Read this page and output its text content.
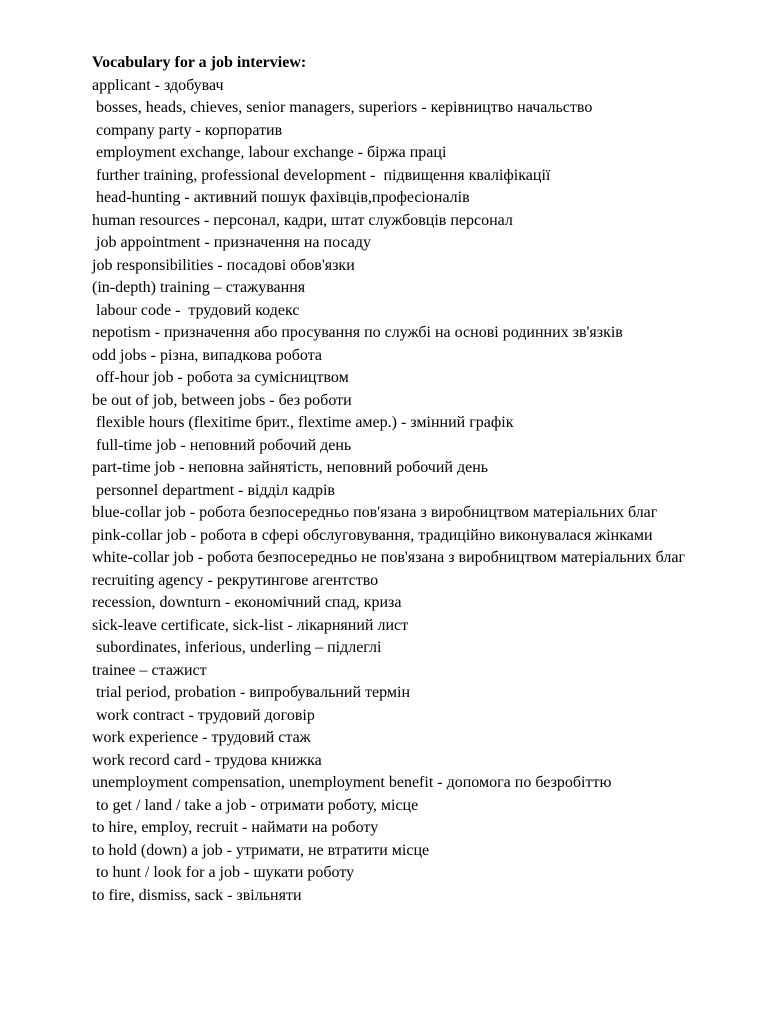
Vocabulary for a job interview:

applicant - здобувач

bosses, heads, chieves, senior managers, superiors - керівництво начальство

company party - корпоратив

employment exchange, labour exchange - біржа праці

further training, professional development -  підвищення кваліфікації

head-hunting - активний пошук фахівців,професіоналів

human resources - персонал, кадри, штат службовців персонал

job appointment - призначення на посаду

job responsibilities - посадові обов'язки

(in-depth) training – стажування

labour code -  трудовий кодекс

nepotism - призначення або просування по службі на основі родинних зв'язків

odd jobs - різна, випадкова робота

off-hour job - робота за сумісництвом

be out of job, between jobs - без роботи

flexible hours (flexitime брит., flextime амер.) - змінний графік

full-time job - неповний робочий день

part-time job - неповна зайнятість, неповний робочий день

personnel department - відділ кадрів

blue-collar job - робота безпосередньо пов'язана з виробництвом матеріальних благ

pink-collar job - робота в сфері обслуговування, традиційно виконувалася жінками

white-collar job - робота безпосередньо не пов'язана з виробництвом матеріальних благ

recruiting agency - рекрутингове агентство

recession, downturn - економічний спад, криза

sick-leave certificate, sick-list - лікарняний лист

subordinates, inferious, underling – підлеглі

trainee – стажист

trial period, probation - випробувальний термін

work contract - трудовий договір

work experience - трудовий стаж

work record card - трудова книжка

unemployment compensation, unemployment benefit - допомога по безробіттю

to get / land / take a job - отримати роботу, місце

to hire, employ, recruit - наймати на роботу

to hold (down) a job - утримати, не втратити місце

to hunt / look for a job - шукати роботу

to fire, dismiss, sack - звільняти
